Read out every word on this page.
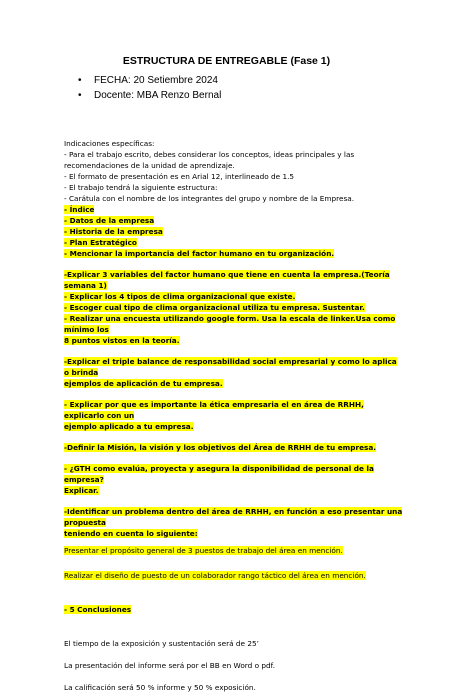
ESTRUCTURA DE ENTREGABLE (Fase 1)
• FECHA: 20 Setiembre 2024
• Docente: MBA Renzo Bernal

Indicaciones específicas:

- Para el trabajo escrito, debes considerar los conceptos, ideas principales y las

recomendaciones de la unidad de aprendizaje.

- El formato de presentación es en Arial 12, interlineado de 1.5

- El trabajo tendrá la siguiente estructura:

- Carátula con el nombre de los integrantes del grupo y nombre de la Empresa.

- Índice

- Datos de la empresa

- Historia de la empresa

- Plan Estratégico

- Mencionar la importancia del factor humano en tu organización.

-Explicar 3 variables del factor humano que tiene en cuenta la empresa.(Teoría semana 1)

- Explicar los 4 tipos de clima organizacional que existe.

- Escoger cual tipo de clima organizacional utiliza tu empresa. Sustentar.

- Realizar una encuesta utilizando google form. Usa la escala de linker.Usa como mínimo los

8 puntos vistos en la teoría.

-Explicar el triple balance de responsabilidad social empresarial y como lo aplica o brinda

ejemplos de aplicación de tu empresa.

- Explicar por que es importante la ética empresaria el en área de RRHH, explicarlo con un

ejemplo aplicado a tu empresa.

-Definir la Misión, la visión y los objetivos del Área de RRHH de tu empresa.

- ¿GTH como evalúa, proyecta y asegura la disponibilidad de personal de la empresa?

Explicar.

-Identificar un problema dentro del área de RRHH, en función a eso presentar una propuesta

teniendo en cuenta lo siguiente:

Presentar el propósito general de 3 puestos de trabajo del área en mención.

Realizar el diseño de puesto de un colaborador rango táctico del área en mención.

- 5 Conclusiones

El tiempo de la exposición y sustentación será de 25’

La presentación del informe será por el BB en Word o pdf.

La calificación será 50 % informe y 50 % exposición.
